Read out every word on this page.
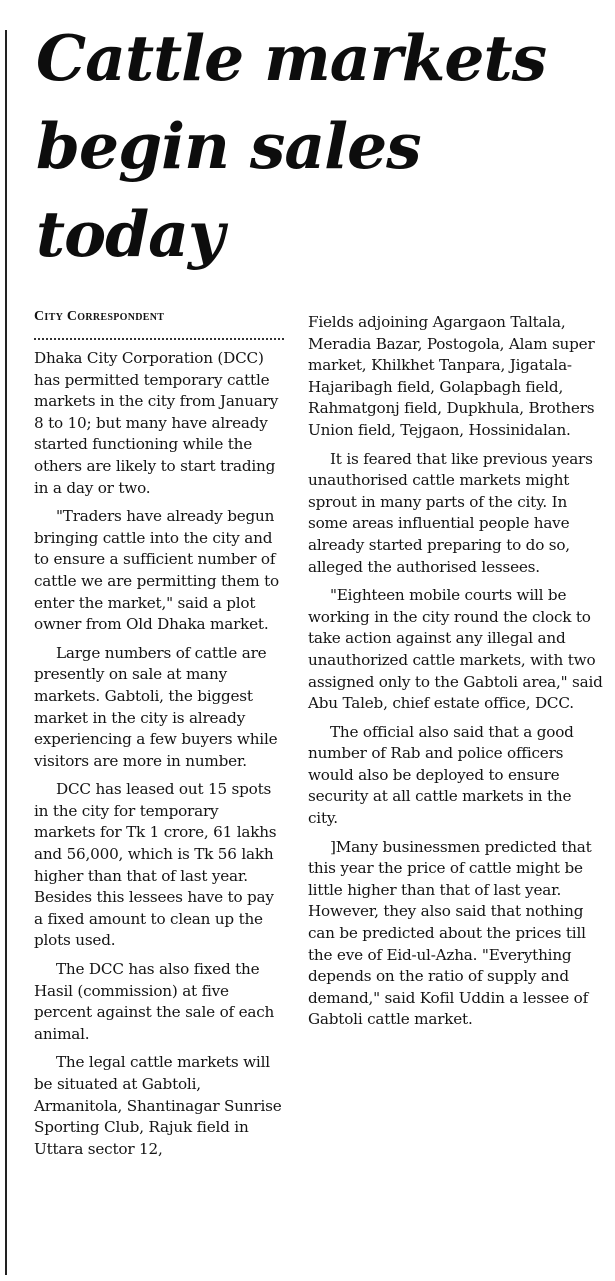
Cattle markets
begin sales
today
City Correspondent

Dhaka City Corporation (DCC) has permitted temporary cattle markets in the city from January 8 to 10; but many have already started functioning while the others are likely to start trading in a day or two.

"Traders have already begun bringing cattle into the city and to ensure a sufficient number of cattle we are permitting them to enter the market," said a plot owner from Old Dhaka market.

Large numbers of cattle are presently on sale at many markets. Gabtoli, the biggest market in the city is already experiencing a few buyers while visitors are more in number.

DCC has leased out 15 spots in the city for temporary markets for Tk 1 crore, 61 lakhs and 56,000, which is Tk 56 lakh higher than that of last year. Besides this lessees have to pay a fixed amount to clean up the plots used.

The DCC has also fixed the Hasil (commission) at five percent against the sale of each animal.

The legal cattle markets will be situated at Gabtoli, Armanitola, Shantinagar Sunrise Sporting Club, Rajuk field in Uttara sector 12,

Fields adjoining Agargaon Taltala, Meradia Bazar, Postogola, Alam super market, Khilkhet Tanpara, Jigatala-Hajaribagh field, Golapbagh field, Rahmatgonj field, Dupkhula, Brothers Union field, Tejgaon, Hossinidalan.

It is feared that like previous years unauthorised cattle markets might sprout in many parts of the city. In some areas influential people have already started preparing to do so, alleged the authorised lessees.

"Eighteen mobile courts will be working in the city round the clock to take action against any illegal and unauthorized cattle markets, with two assigned only to the Gabtoli area," said Abu Taleb, chief estate office, DCC.

The official also said that a good number of Rab and police officers would also be deployed to ensure security at all cattle markets in the city.

]Many businessmen predicted that this year the price of cattle might be little higher than that of last year. However, they also said that nothing can be predicted about the prices till the eve of Eid-ul-Azha. "Everything depends on the ratio of supply and demand," said Kofil Uddin a lessee of Gabtoli cattle market.
